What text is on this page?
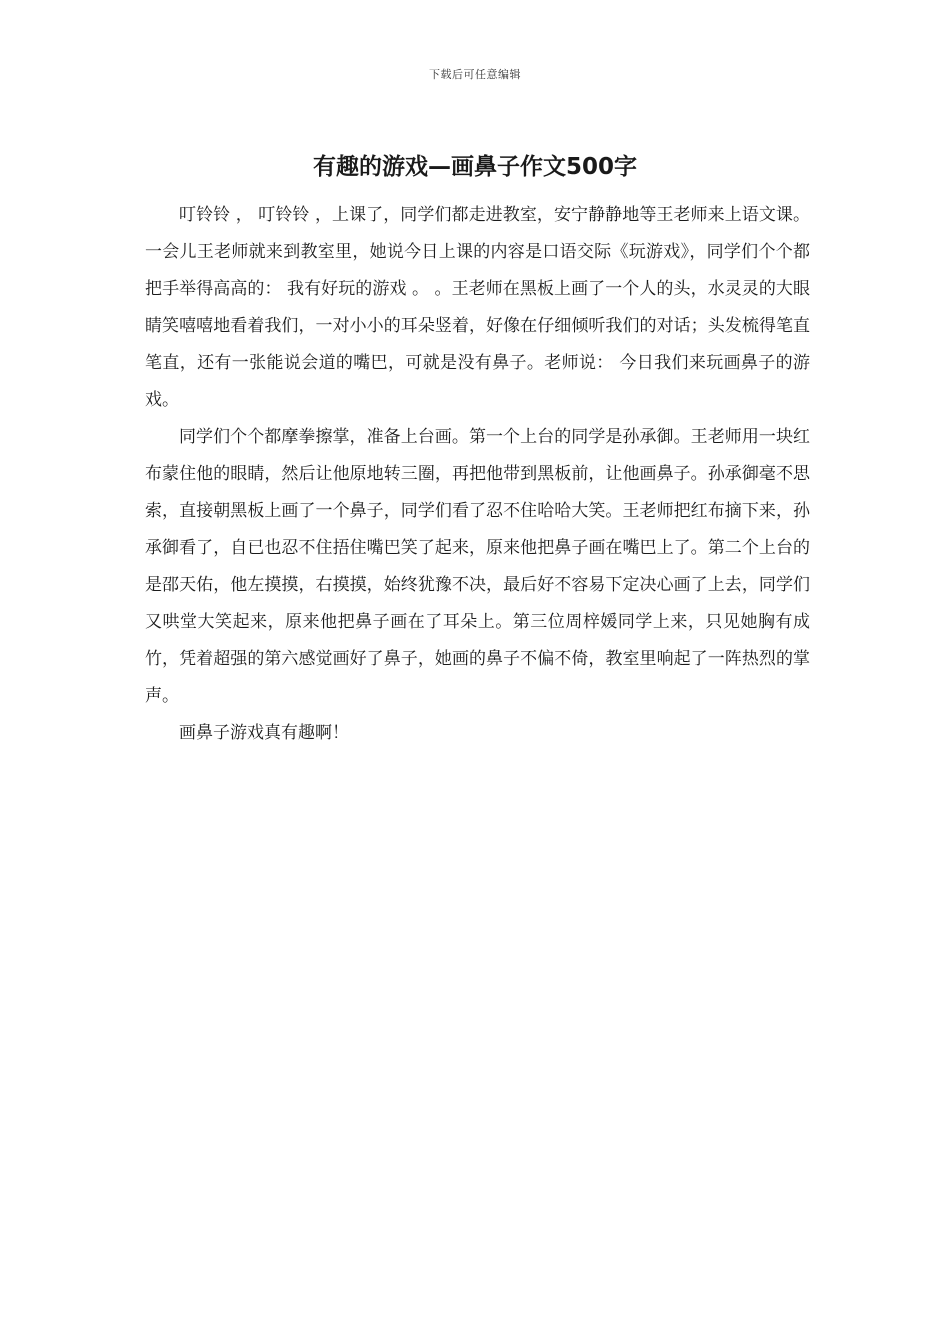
下载后可任意编辑
有趣的游戏—画鼻子作文500字

叮铃铃 ， 叮铃铃 ，上课了，同学们都走进教室，安宁静静地等王老师来上语文课。一会儿王老师就来到教室里，她说今日上课的内容是口语交际《玩游戏》，同学们个个都把手举得高高的： 我有好玩的游戏 。 。王老师在黑板上画了一个人的头，水灵灵的大眼睛笑嘻嘻地看着我们，一对小小的耳朵竖着，好像在仔细倾听我们的对话；头发梳得笔直笔直，还有一张能说会道的嘴巴，可就是没有鼻子。老师说： 今日我们来玩画鼻子的游戏。

同学们个个都摩拳擦掌，准备上台画。第一个上台的同学是孙承御。王老师用一块红布蒙住他的眼睛，然后让他原地转三圈，再把他带到黑板前，让他画鼻子。孙承御毫不思索，直接朝黑板上画了一个鼻子，同学们看了忍不住哈哈大笑。王老师把红布摘下来，孙承御看了，自已也忍不住捂住嘴巴笑了起来，原来他把鼻子画在嘴巴上了。第二个上台的是邵天佑，他左摸摸，右摸摸，始终犹豫不决，最后好不容易下定决心画了上去，同学们又哄堂大笑起来，原来他把鼻子画在了耳朵上。第三位周梓媛同学上来，只见她胸有成竹，凭着超强的第六感觉画好了鼻子，她画的鼻子不偏不倚，教室里响起了一阵热烈的掌声。

画鼻子游戏真有趣啊！
